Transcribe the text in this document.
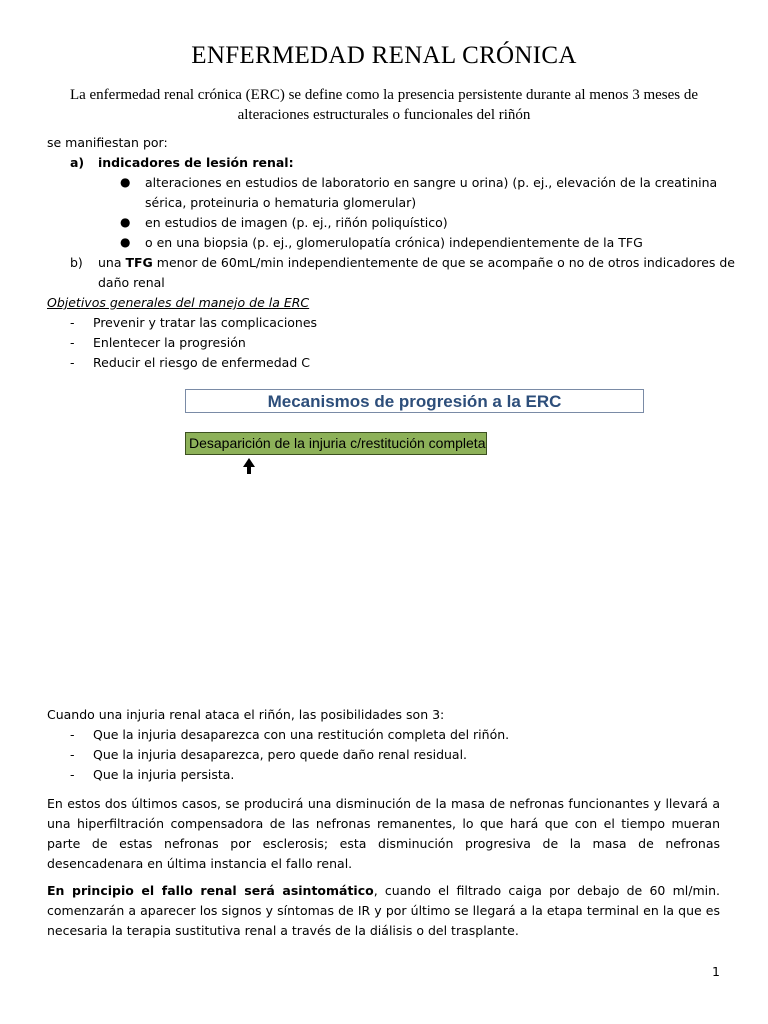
ENFERMEDAD RENAL CRÓNICA
La enfermedad renal crónica (ERC) se define como la presencia persistente durante al menos 3 meses de alteraciones estructurales o funcionales del riñón
se manifiestan por:
a) indicadores de lesión renal:
● alteraciones en estudios de laboratorio en sangre u orina) (p. ej., elevación de la creatinina
sérica, proteinuria o hematuria glomerular)
● en estudios de imagen (p. ej., riñón poliquístico)
● o en una biopsia (p. ej., glomerulopatía crónica) independientemente de la TFG
b) una TFG menor de 60mL/min independientemente de que se acompañe o no de otros indicadores de
daño renal
Objetivos generales del manejo de la ERC
- Prevenir y tratar las complicaciones
- Enlentecer la progresión
- Reducir el riesgo de enfermedad C
Mecanismos de progresión a la ERC
Desaparición de la injuria c/restitución completa
Cuando una injuria renal ataca el riñón, las posibilidades son 3:
- Que la injuria desaparezca con una restitución completa del riñón.
- Que la injuria desaparezca, pero quede daño renal residual.
- Que la injuria persista.
En estos dos últimos casos, se producirá una disminución de la masa de nefronas funcionantes y llevará a una hiperfiltración compensadora de las nefronas remanentes, lo que hará que con el tiempo mueran parte de estas nefronas por esclerosis; esta disminución progresiva de la masa de nefronas desencadenara en última instancia el fallo renal.
En principio el fallo renal será asintomático, cuando el filtrado caiga por debajo de 60 ml/min. comenzarán a aparecer los signos y síntomas de IR y por último se llegará a la etapa terminal en la que es necesaria la terapia sustitutiva renal a través de la diálisis o del trasplante.
1
